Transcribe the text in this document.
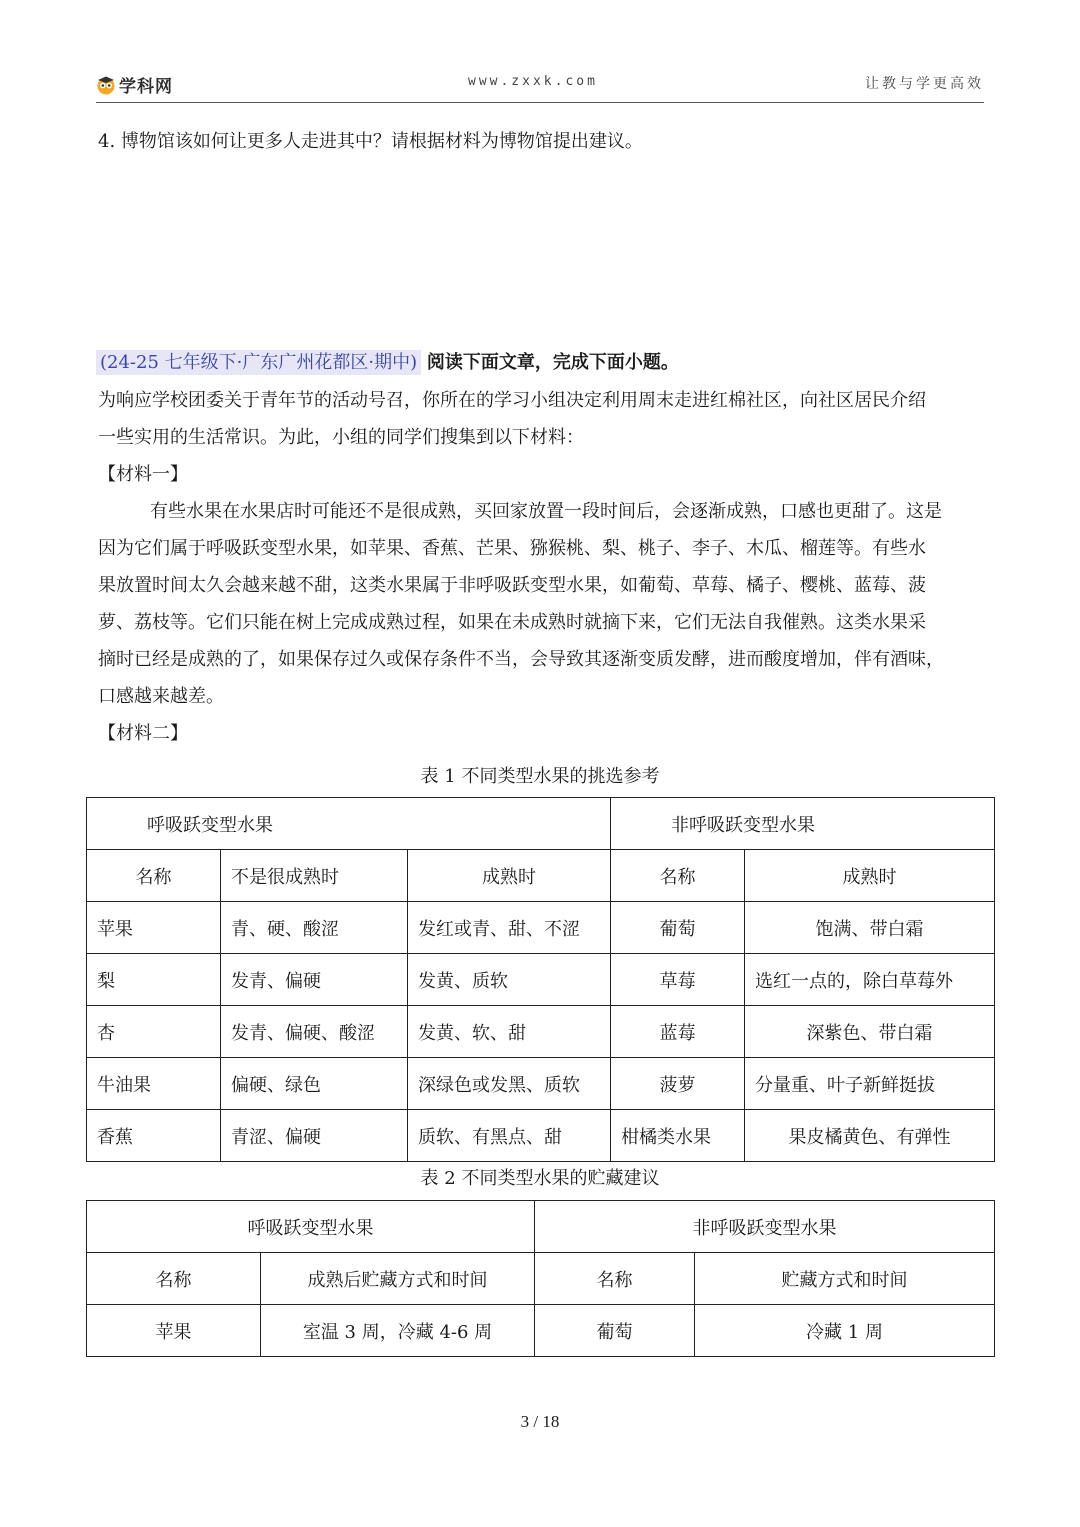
学科网	www.zxxk.com	让教与学更高效
4. 博物馆该如何让更多人走进其中？请根据材料为博物馆提出建议。
(24-25 七年级下·广东广州花都区·期中) 阅读下面文章，完成下面小题。

为响应学校团委关于青年节的活动号召，你所在的学习小组决定利用周末走进红棉社区，向社区居民介绍

一些实用的生活常识。为此，小组的同学们搜集到以下材料：

【材料一】

有些水果在水果店时可能还不是很成熟，买回家放置一段时间后，会逐渐成熟，口感也更甜了。这是

因为它们属于呼吸跃变型水果，如苹果、香蕉、芒果、猕猴桃、梨、桃子、李子、木瓜、榴莲等。有些水

果放置时间太久会越来越不甜，这类水果属于非呼吸跃变型水果，如葡萄、草莓、橘子、樱桃、蓝莓、菠

萝、荔枝等。它们只能在树上完成成熟过程，如果在未成熟时就摘下来，它们无法自我催熟。这类水果采

摘时已经是成熟的了，如果保存过久或保存条件不当，会导致其逐渐变质发酵，进而酸度增加，伴有酒味，

口感越来越差。

【材料二】

表 1 不同类型水果的挑选参考
呼吸跃变型水果			非呼吸跃变型水果	
名称	不是很成熟时	成熟时	名称	成熟时
苹果	青、硬、酸涩	发红或青、甜、不涩	葡萄	饱满、带白霜
梨	发青、偏硬	发黄、质软	草莓	选红一点的，除白草莓外
杏	发青、偏硬、酸涩	发黄、软、甜	蓝莓	深紫色、带白霜
牛油果	偏硬、绿色	深绿色或发黑、质软	菠萝	分量重、叶子新鲜挺拔
香蕉	青涩、偏硬	质软、有黑点、甜	柑橘类水果	果皮橘黄色、有弹性
表 2 不同类型水果的贮藏建议
呼吸跃变型水果		非呼吸跃变型水果	
名称	成熟后贮藏方式和时间	名称	贮藏方式和时间
苹果	室温 3 周，冷藏 4-6 周	葡萄	冷藏 1 周
3 / 18
